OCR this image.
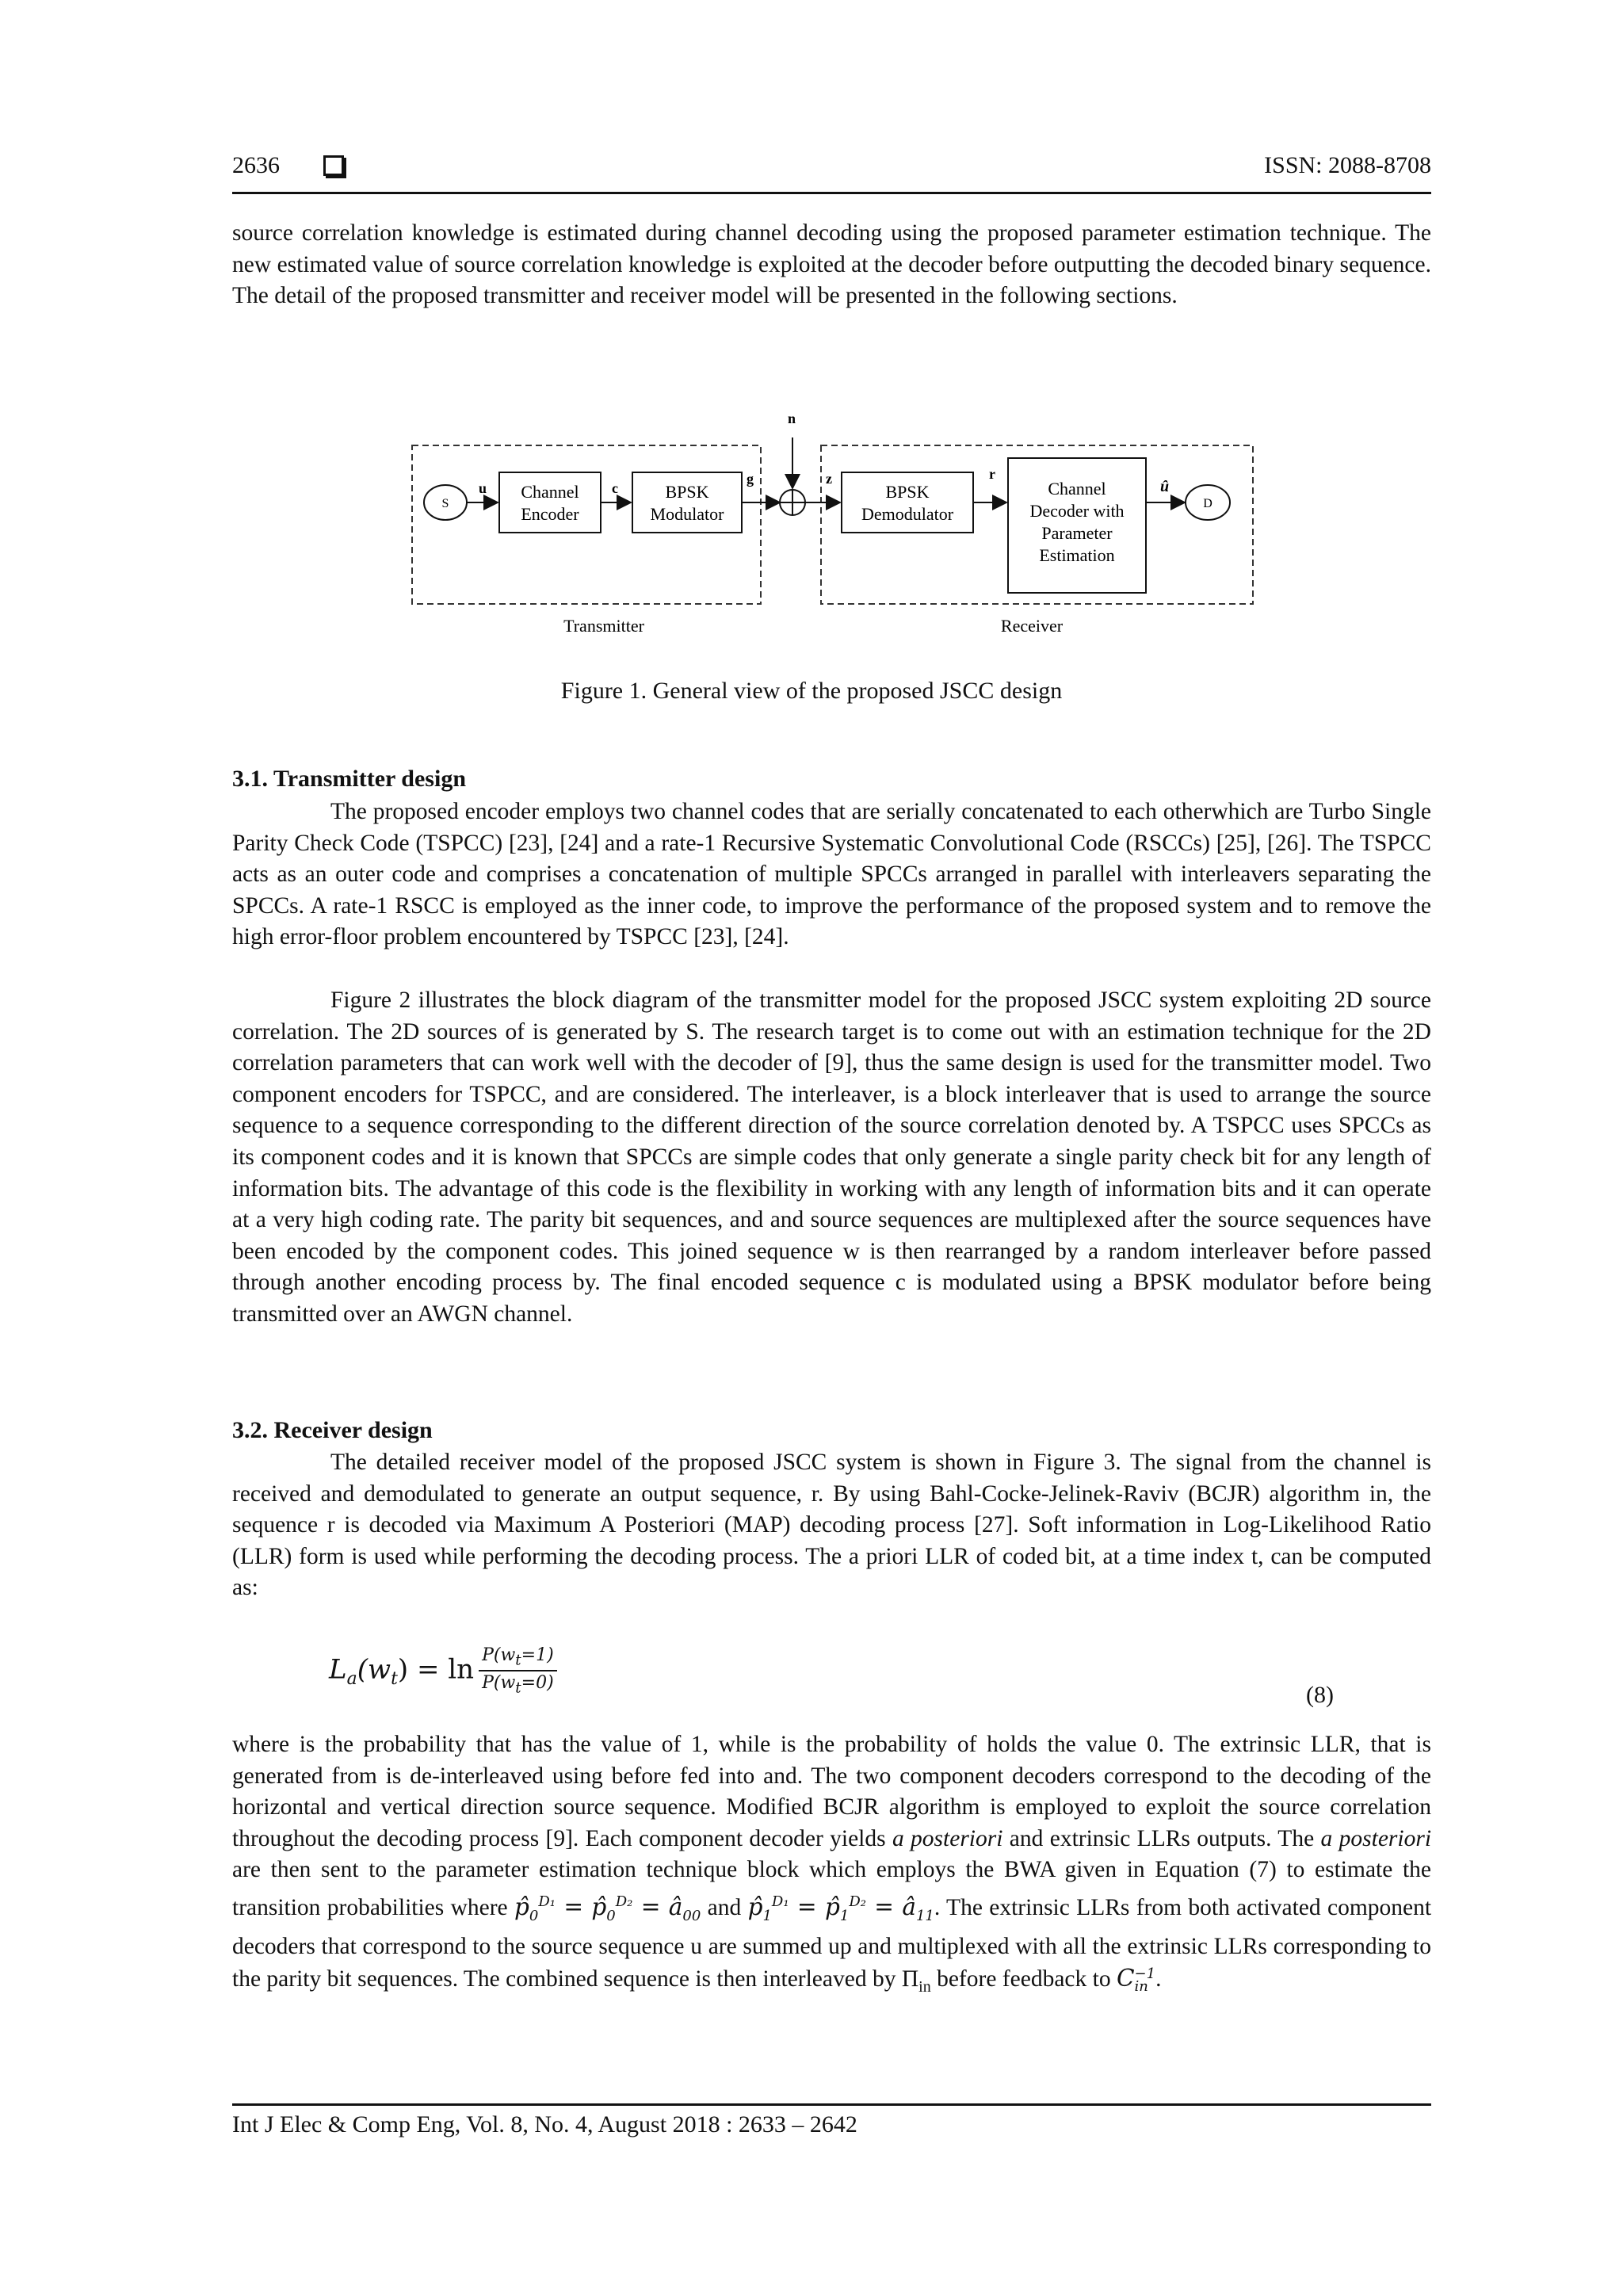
2636	ISSN: 2088-8708

source correlation knowledge is estimated during channel decoding using the proposed parameter estimation technique. The new estimated value of source correlation knowledge is exploited at the decoder before outputting the decoded binary sequence. The detail of the proposed transmitter and receiver model will be presented in the following sections.

S
u Channel
Encoder
c	BPSK
Modulator
g
n
z
BPSK
Demodulator
r
Channel
Decoder with
Parameter
Estimation
û
D
Transmitter	Receiver
Figure 1. General view of the proposed JSCC design
3.1. Transmitter design

The proposed encoder employs two channel codes that are serially concatenated to each otherwhich are Turbo Single Parity Check Code (TSPCC) [23], [24] and a rate-1 Recursive Systematic Convolutional Code (RSCCs) [25], [26]. The TSPCC acts as an outer code and comprises a concatenation of multiple SPCCs arranged in parallel with interleavers separating the SPCCs. A rate-1 RSCC is employed as the inner code, to improve the performance of the proposed system and to remove the high error-floor problem encountered by TSPCC [23], [24].

Figure 2 illustrates the block diagram of the transmitter model for the proposed JSCC system exploiting 2D source correlation. The 2D sources of is generated by S. The research target is to come out with an estimation technique for the 2D correlation parameters that can work well with the decoder of [9], thus the same design is used for the transmitter model. Two component encoders for TSPCC, and are considered. The interleaver, is a block interleaver that is used to arrange the source sequence to a sequence corresponding to the different direction of the source correlation denoted by. A TSPCC uses SPCCs as its component codes and it is known that SPCCs are simple codes that only generate a single parity check bit for any length of information bits. The advantage of this code is the flexibility in working with any length of information bits and it can operate at a very high coding rate. The parity bit sequences, and and source sequences are multiplexed after the source sequences have been encoded by the component codes. This joined sequence w is then rearranged by a random interleaver before passed through another encoding process by. The final encoded sequence c is modulated using a BPSK modulator before being transmitted over an AWGN channel.

3.2. Receiver design

The detailed receiver model of the proposed JSCC system is shown in Figure 3. The signal from the channel is received and demodulated to generate an output sequence, r. By using Bahl-Cocke-Jelinek-Raviv (BCJR) algorithm in, the sequence r is decoded via Maximum A Posteriori (MAP) decoding process [27]. Soft information in Log-Likelihood Ratio (LLR) form is used while performing the decoding process. The a priori LLR of coded bit, at a time index t, can be computed as:

$L_a(w_t) = \ln \frac{P(w_t=1)}{P(w_t=0)}$	(8)

where is the probability that has the value of 1, while is the probability of holds the value 0. The extrinsic LLR, that is generated from is de-interleaved using before fed into and. The two component decoders correspond to the decoding of the horizontal and vertical direction source sequence. Modified BCJR algorithm is employed to exploit the source correlation throughout the decoding process [9]. Each component decoder yields a posteriori and extrinsic LLRs outputs. The a posteriori are then sent to the parameter estimation technique block which employs the BWA given in Equation (7) to estimate the transition probabilities where $p̂_0^{D_1}$ = $p̂_0^{D_2}$ = $â_{00}$ and $p̂_1^{D_1}$ = $p̂_1^{D_2}$ = $â_{11}$. The extrinsic LLRs from both activated component decoders that correspond to the source sequence u are summed up and multiplexed with all the extrinsic LLRs corresponding to the parity bit sequences. The combined sequence is then interleaved by $\Pi_{in}$ before feedback to C −1
in .

Int J Elec & Comp Eng, Vol. 8, No. 4, August 2018 : 2633 – 2642
